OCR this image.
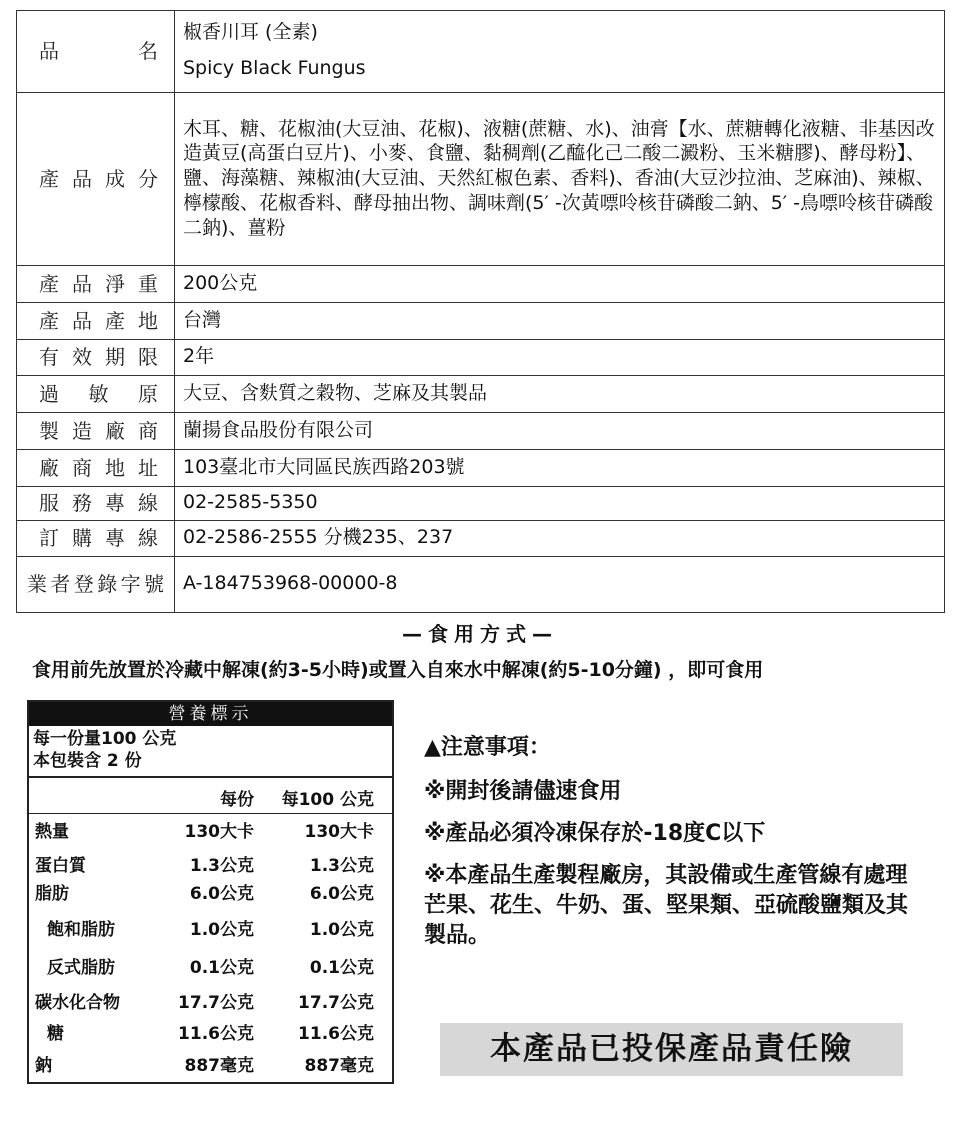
品　　名	椒香川耳 (全素)
Spicy Black Fungus

產品成分	木耳、糖、花椒油(大豆油、花椒)、液糖(蔗糖、水)、油膏【水、蔗糖轉化液糖、非基因改造黃豆(高蛋白豆片)、小麥、食鹽、黏稠劑(乙醯化己二酸二澱粉、玉米糖膠)、酵母粉】、鹽、海藻糖、辣椒油(大豆油、天然紅椒色素、香料)、香油(大豆沙拉油、芝麻油)、辣椒、檸檬酸、花椒香料、酵母抽出物、調味劑(5′ -次黃嘌呤核苷磷酸二鈉、5′ -鳥嘌呤核苷磷酸二鈉)、薑粉
產品淨重	200公克
產品產地	台灣
有效期限	2年
過　敏　原	大豆、含麩質之穀物、芝麻及其製品
製造廠商	蘭揚食品股份有限公司
廠商地址	103臺北市大同區民族西路203號
服務專線	02-2585-5350
訂購專線	02-2586-2555 分機235、237
業者登錄字號	A-184753968-00000-8
—食用方式—
食用前先放置於冷藏中解凍(約3-5小時)或置入自來水中解凍(約5-10分鐘) ，即可食用
營養標示
每一份量100 公克
本包裝含 2 份
每份 每100 公克
熱量	130大卡	130大卡
蛋白質	1.3公克	1.3公克
脂肪	6.0公克	6.0公克
飽和脂肪	1.0公克	1.0公克
反式脂肪	0.1公克	0.1公克
碳水化合物	17.7公克	17.7公克
糖	11.6公克	11.6公克
鈉	887毫克	887毫克
▲注意事項：
※開封後請儘速食用
※產品必須冷凍保存於-18度C以下
※本產品生產製程廠房，其設備或生產管線有處理芒果、花生、牛奶、蛋、堅果類、亞硫酸鹽類及其製品。
本產品已投保產品責任險
